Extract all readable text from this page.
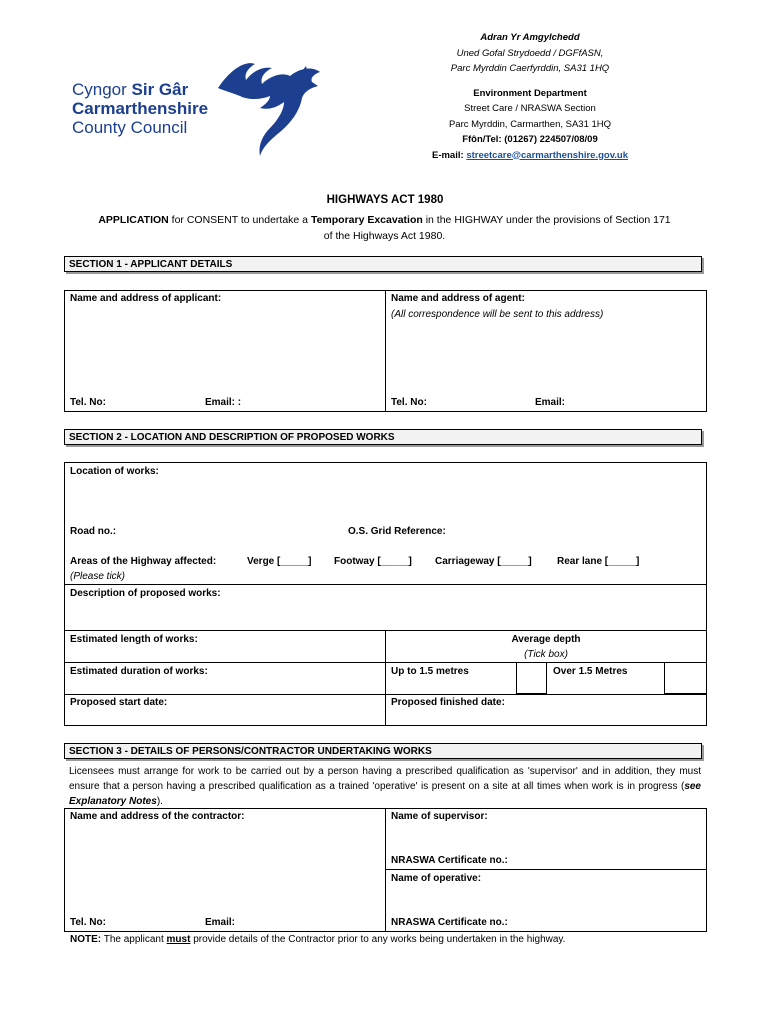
Adran Yr Amgylchedd
Uned Gofal Strydoedd / DGFfASN,
Parc Myrddin Caerfyrddin, SA31 1HQ
Environment Department
Street Care / NRASWA Section
Parc Myrddin, Carmarthen, SA31 1HQ
Ffôn/Tel: (01267) 224507/08/09
E-mail: streetcare@carmarthenshire.gov.uk
Cyngor Sir Gâr
Carmarthenshire
County Council
HIGHWAYS ACT 1980
APPLICATION for CONSENT to undertake a Temporary Excavation in the HIGHWAY under the provisions of Section 171
of the Highways Act 1980.
SECTION 1 - APPLICANT DETAILS
Name and address of applicant:	Name and address of agent:
(All correspondence will be sent to this address)
Tel. No:	Email: :	Tel. No:	Email:
SECTION 2 - LOCATION AND DESCRIPTION OF PROPOSED WORKS
Location of works:
Road no.:	O.S. Grid Reference:
Areas of the Highway affected:	Verge [_____] Footway [_____] Carriageway [_____]	Rear lane [_____]
(Please tick)
Description of proposed works:
Estimated length of works:	Average depth
(Tick box)
Estimated duration of works:	Up to 1.5 metres	Over 1.5 Metres
Proposed start date:	Proposed finished date:
SECTION 3 - DETAILS OF PERSONS/CONTRACTOR UNDERTAKING WORKS
Licensees must arrange for work to be carried out by a person having a prescribed qualification as 'supervisor' and in addition, they must ensure that a person having a prescribed qualification as a trained 'operative' is present on a site at all times when work is in progress (see Explanatory Notes).
Name and address of the contractor:	Name of supervisor:
NRASWA Certificate no.:
Name of operative:
Tel. No:	Email:	NRASWA Certificate no.:
NOTE: The applicant must provide details of the Contractor prior to any works being undertaken in the highway.
